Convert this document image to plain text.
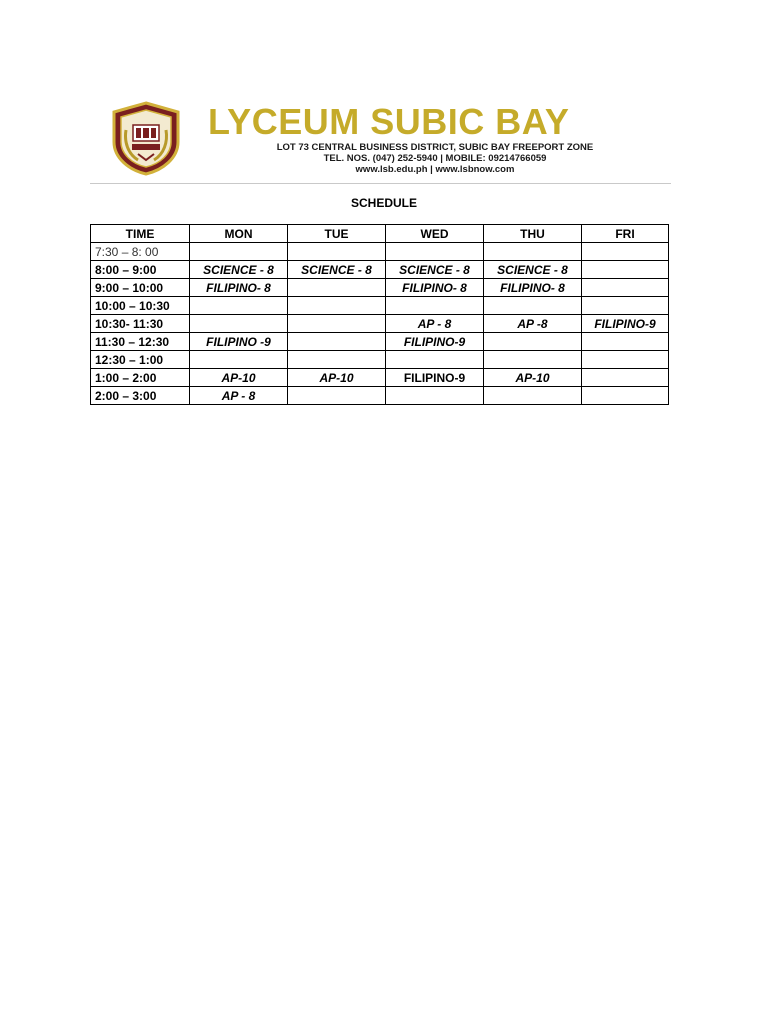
LYCEUM SUBIC BAY
LOT 73 CENTRAL BUSINESS DISTRICT, SUBIC BAY FREEPORT ZONE
TEL. NOS. (047) 252-5940 | MOBILE: 09214766059
www.lsb.edu.ph | www.lsbnow.com
SCHEDULE
TIME	MON	TUE	WED	THU	FRI
7:30 – 8: 00					
8:00 – 9:00	SCIENCE - 8	SCIENCE - 8	SCIENCE - 8	SCIENCE - 8	
9:00 – 10:00	FILIPINO- 8		FILIPINO- 8	FILIPINO- 8	
10:00 – 10:30					
10:30- 11:30			AP - 8	AP -8	FILIPINO-9
11:30 – 12:30	FILIPINO -9		FILIPINO-9		
12:30 – 1:00					
1:00 – 2:00	AP-10	AP-10	FILIPINO-9	AP-10	
2:00 – 3:00	AP - 8				
